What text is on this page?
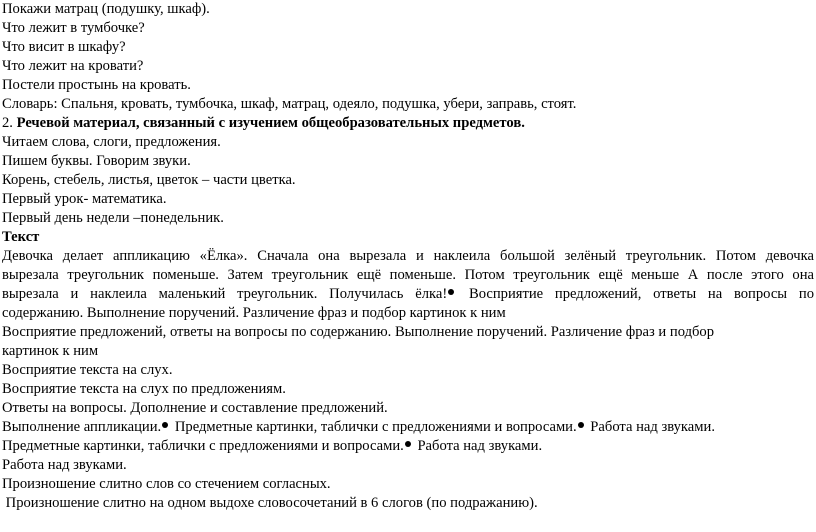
Покажи матрац (подушку, шкаф).
Что лежит в тумбочке?
Что висит в шкафу?
Что лежит на кровати?
Постели простынь на кровать.
Словарь: Спальня, кровать, тумбочка, шкаф, матрац, одеяло, подушка, убери, заправь, стоят.
2. Речевой материал, связанный с изучением общеобразовательных предметов.
Читаем слова, слоги, предложения.
Пишем буквы. Говорим звуки.
Корень, стебель, листья, цветок – части цветка.
Первый урок- математика.
Первый день недели –понедельник.
Текст
Девочка делает аппликацию «Ёлка». Сначала она вырезала и наклеила большой зелёный треугольник. Потом девочка
вырезала треугольник поменьше. Затем треугольник ещё поменьше. Потом треугольник ещё меньше А после этого она
вырезала и наклеила маленький треугольник. Получилась ёлка! Восприятие предложений, ответы на вопросы по
содержанию. Выполнение поручений. Различение фраз и подбор картинок к ним
Восприятие предложений, ответы на вопросы по содержанию. Выполнение поручений. Различение фраз и подбор
картинок к ним
Восприятие текста на слух.
Восприятие текста на слух по предложениям.
Ответы на вопросы. Дополнение и составление предложений.
Выполнение аппликации. Предметные картинки, таблички с предложениями и вопросами. Работа над звуками.
Предметные картинки, таблички с предложениями и вопросами. Работа над звуками.
Работа над звуками.
Произношение слитно слов со стечением согласных.
Произношение слитно на одном выдохе словосочетаний в 6 слогов (по подражанию).
